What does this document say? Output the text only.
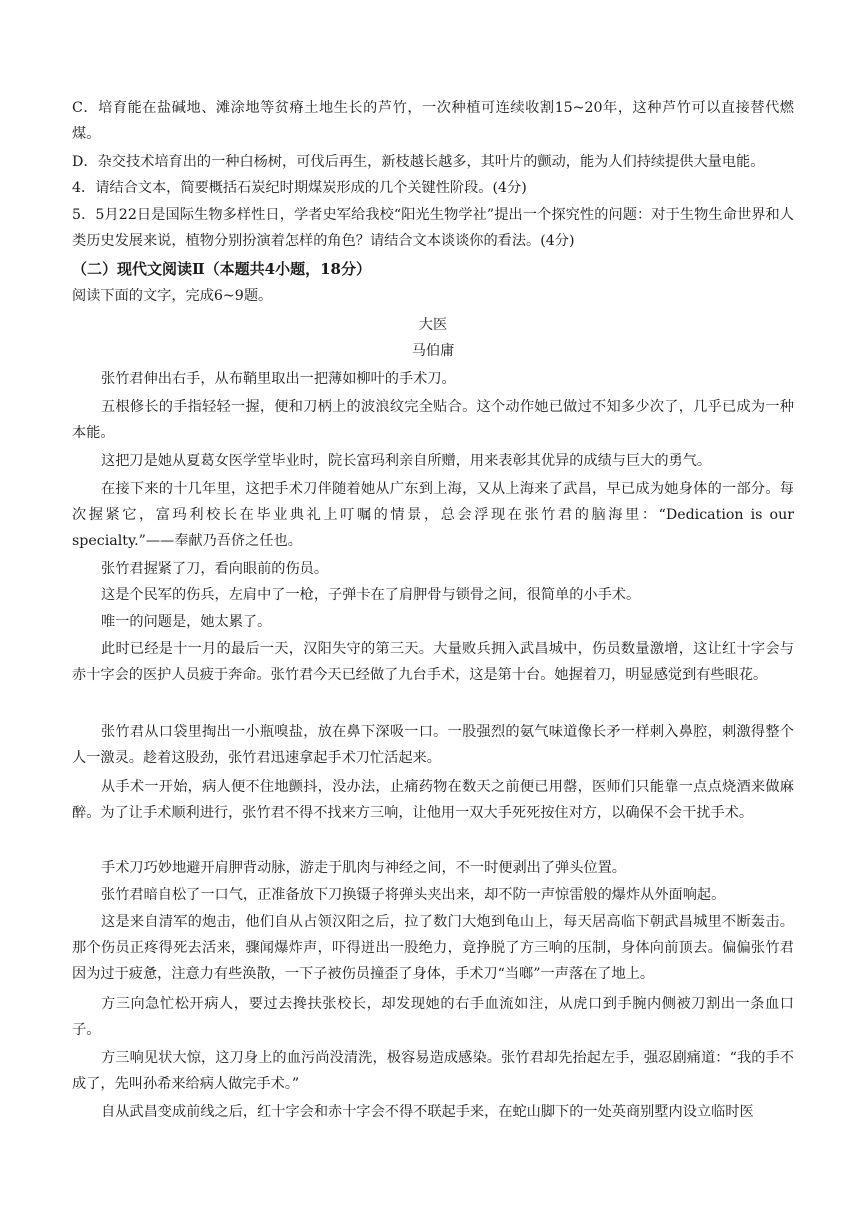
C．培育能在盐碱地、滩涂地等贫瘠土地生长的芦竹，一次种植可连续收割15~20年，这种芦竹可以直接替代燃煤。

D．杂交技术培育出的一种白杨树，可伐后再生，新枝越长越多，其叶片的颤动，能为人们持续提供大量电能。

4．请结合文本，简要概括石炭纪时期煤炭形成的几个关键性阶段。(4分)

5．5月22日是国际生物多样性日，学者史军给我校“阳光生物学社”提出一个探究性的问题：对于生物生命世界和人类历史发展来说，植物分别扮演着怎样的角色？请结合文本谈谈你的看法。(4分)

（二）现代文阅读Ⅱ（本题共4小题，18分）

阅读下面的文字，完成6~9题。

大医

马伯庸

张竹君伸出右手，从布鞘里取出一把薄如柳叶的手术刀。

五根修长的手指轻轻一握，便和刀柄上的波浪纹完全贴合。这个动作她已做过不知多少次了，几乎已成为一种本能。

这把刀是她从夏葛女医学堂毕业时，院长富玛利亲自所赠，用来表彰其优异的成绩与巨大的勇气。

在接下来的十几年里，这把手术刀伴随着她从广东到上海，又从上海来了武昌，早已成为她身体的一部分。每次握紧它，富玛利校长在毕业典礼上叮嘱的情景，总会浮现在张竹君的脑海里：“Dedication is our specialty.”——奉献乃吾侪之任也。

张竹君握紧了刀，看向眼前的伤员。

这是个民军的伤兵，左肩中了一枪，子弹卡在了肩胛骨与锁骨之间，很简单的小手术。

唯一的问题是，她太累了。

此时已经是十一月的最后一天，汉阳失守的第三天。大量败兵拥入武昌城中，伤员数量激增，这让红十字会与赤十字会的医护人员疲于奔命。张竹君今天已经做了九台手术，这是第十台。她握着刀，明显感觉到有些眼花。

张竹君从口袋里掏出一小瓶嗅盐，放在鼻下深吸一口。一股强烈的氨气味道像长矛一样刺入鼻腔，刺激得整个人一激灵。趁着这股劲，张竹君迅速拿起手术刀忙活起来。

从手术一开始，病人便不住地颤抖，没办法，止痛药物在数天之前便已用罄，医师们只能靠一点点烧酒来做麻醉。为了让手术顺利进行，张竹君不得不找来方三响，让他用一双大手死死按住对方，以确保不会干扰手术。

手术刀巧妙地避开肩胛背动脉，游走于肌肉与神经之间，不一时便剥出了弹头位置。

张竹君暗自松了一口气，正准备放下刀换镊子将弹头夹出来，却不防一声惊雷般的爆炸从外面响起。

这是来自清军的炮击，他们自从占领汉阳之后，拉了数门大炮到龟山上，每天居高临下朝武昌城里不断轰击。那个伤员正疼得死去活来，骤闻爆炸声，吓得迸出一股绝力，竟挣脱了方三响的压制，身体向前顶去。偏偏张竹君因为过于疲惫，注意力有些涣散，一下子被伤员撞歪了身体，手术刀“当啷”一声落在了地上。

方三向急忙松开病人，要过去搀扶张校长，却发现她的右手血流如注，从虎口到手腕内侧被刀割出一条血口子。

方三响见状大惊，这刀身上的血污尚没清洗，极容易造成感染。张竹君却先抬起左手，强忍剧痛道：“我的手不成了，先叫孙希来给病人做完手术。”

自从武昌变成前线之后，红十字会和赤十字会不得不联起手来，在蛇山脚下的一处英商别墅内设立临时医
